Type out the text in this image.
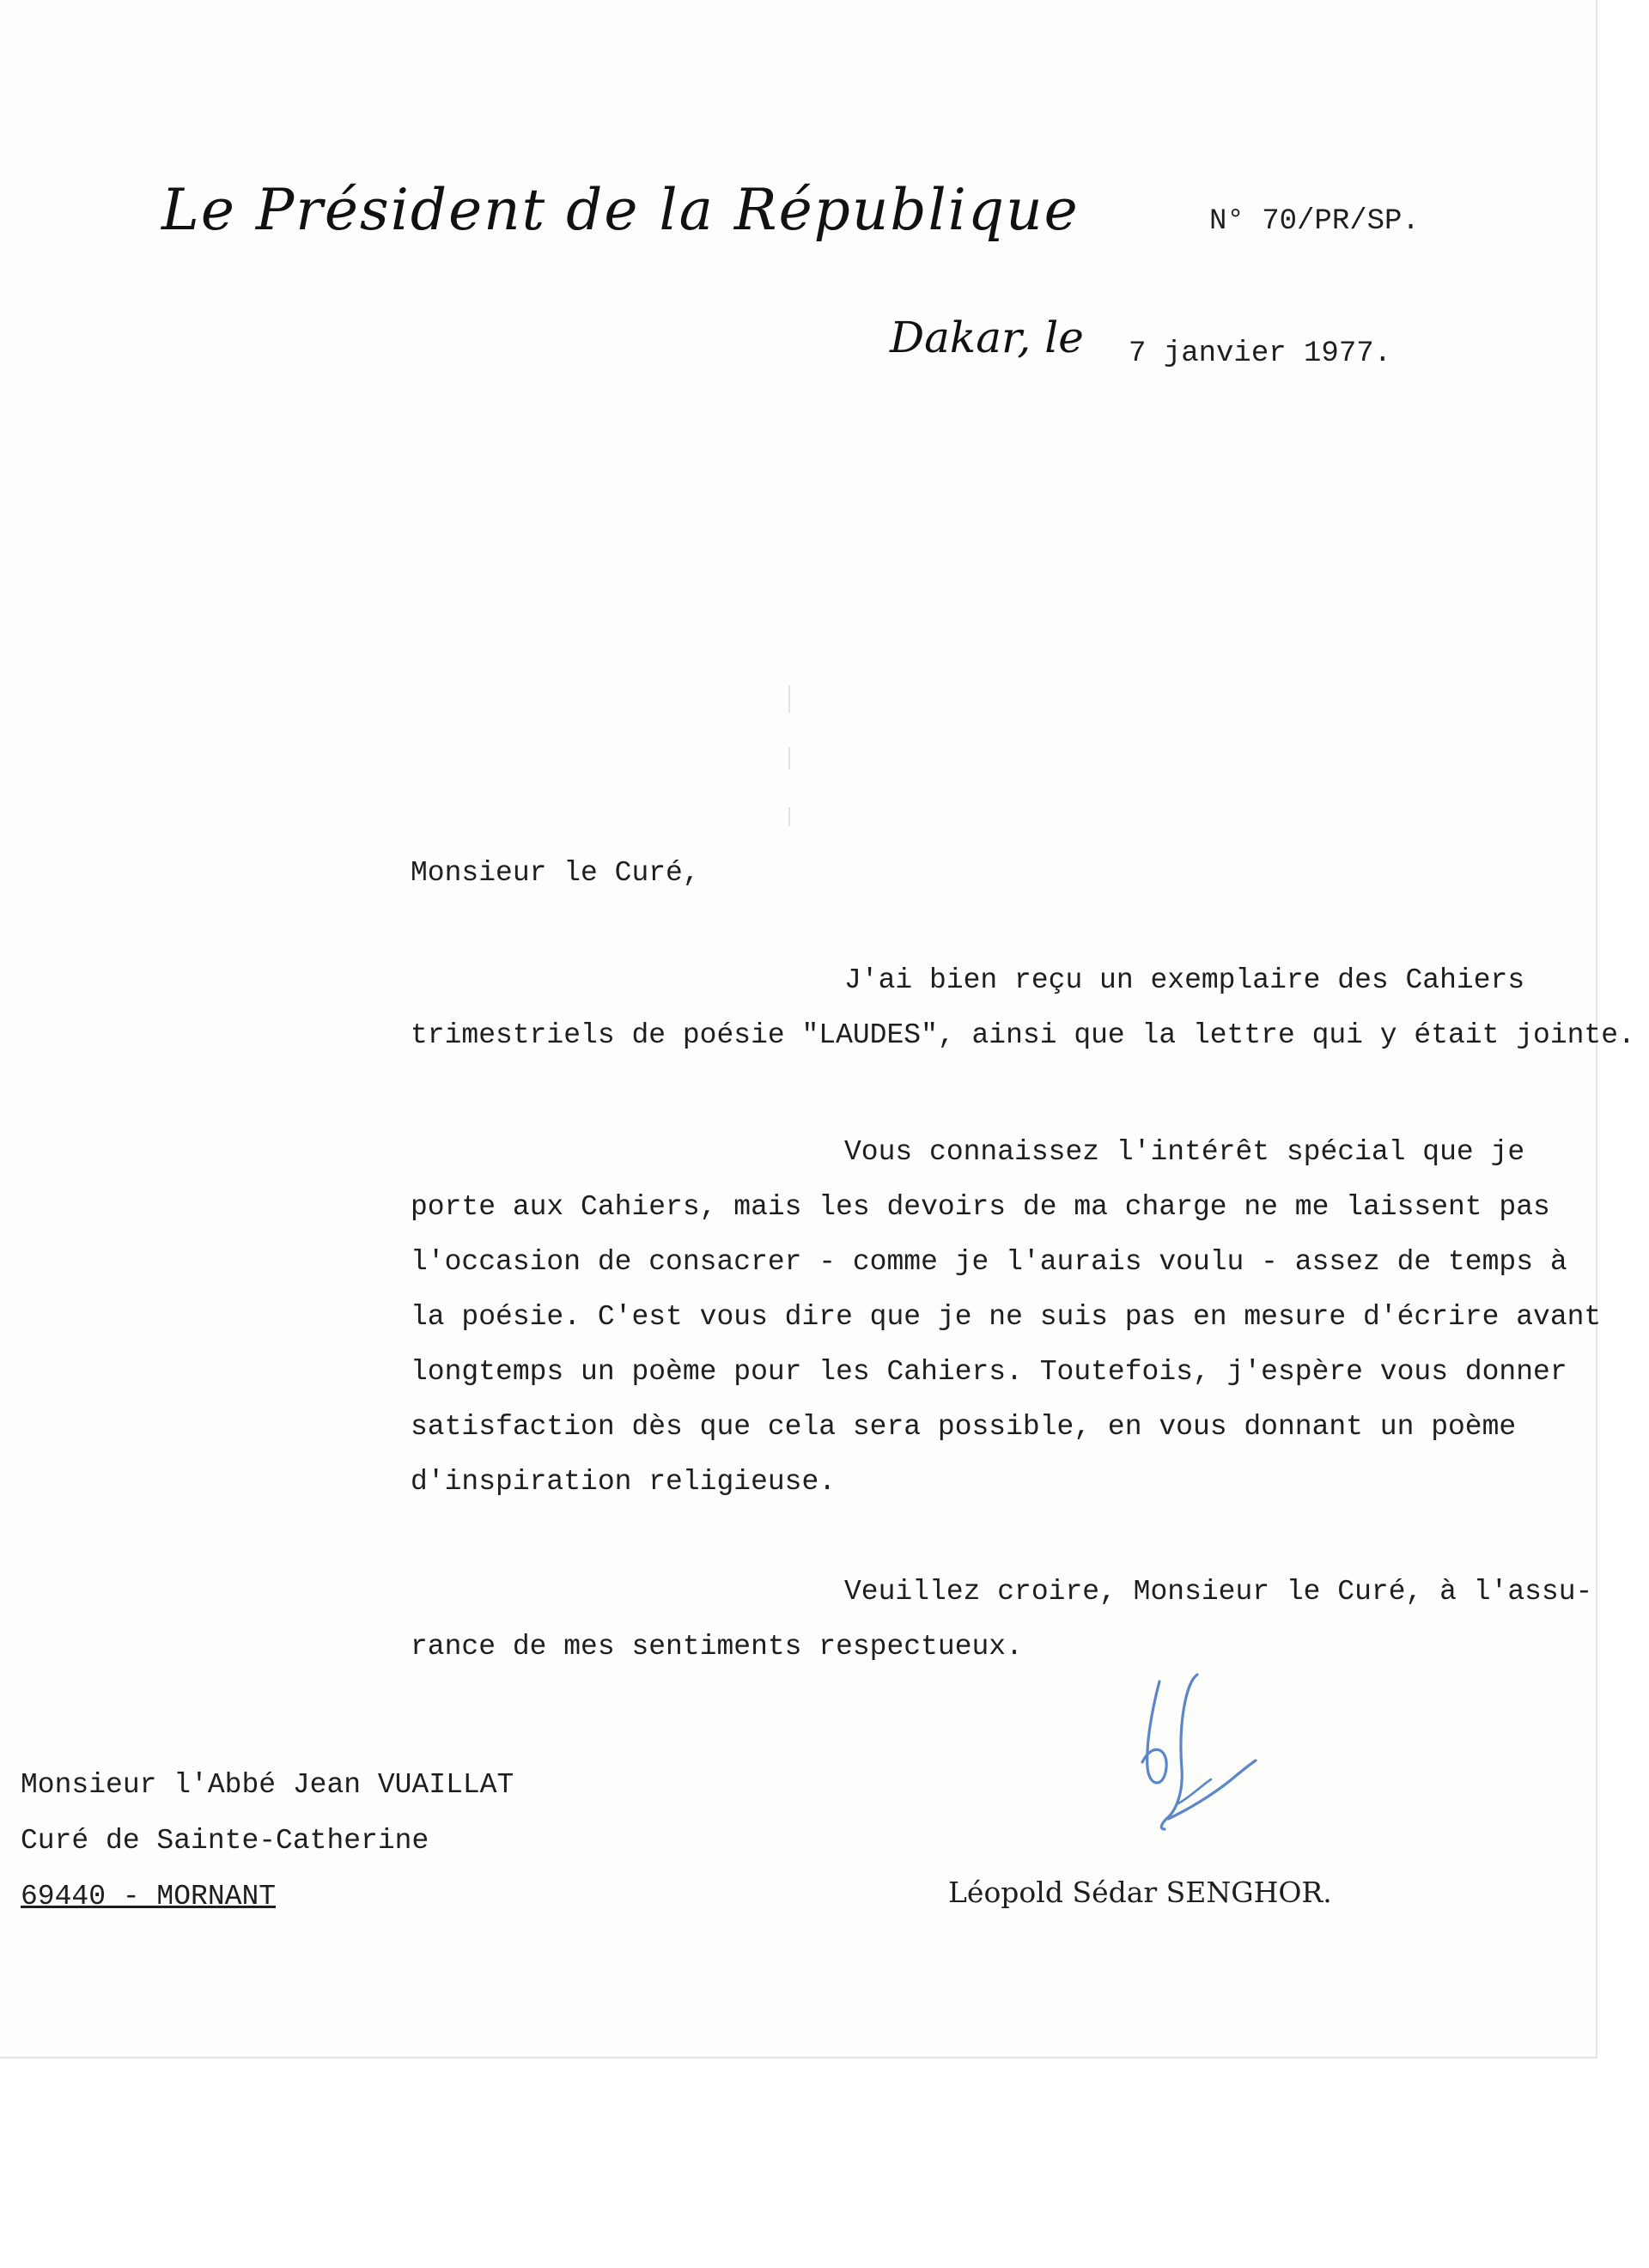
Le Président de la République	N° 70/PR/SP.
Dakar, le 7 janvier 1977.
Monsieur le Curé,

J'ai bien reçu un exemplaire des Cahiers
trimestriels de poésie "LAUDES", ainsi que la lettre qui y était jointe.

Vous connaissez l'intérêt spécial que je
porte aux Cahiers, mais les devoirs de ma charge ne me laissent pas
l'occasion de consacrer - comme je l'aurais voulu - assez de temps à
la poésie. C'est vous dire que je ne suis pas en mesure d'écrire avant
longtemps un poème pour les Cahiers. Toutefois, j'espère vous donner
satisfaction dès que cela sera possible, en vous donnant un poème
d'inspiration religieuse.

Veuillez croire, Monsieur le Curé, à l'assu-
rance de mes sentiments respectueux.

Monsieur l'Abbé Jean VUAILLAT
Curé de Sainte-Catherine
69440 - MORNANT	Léopold Sédar SENGHOR.
